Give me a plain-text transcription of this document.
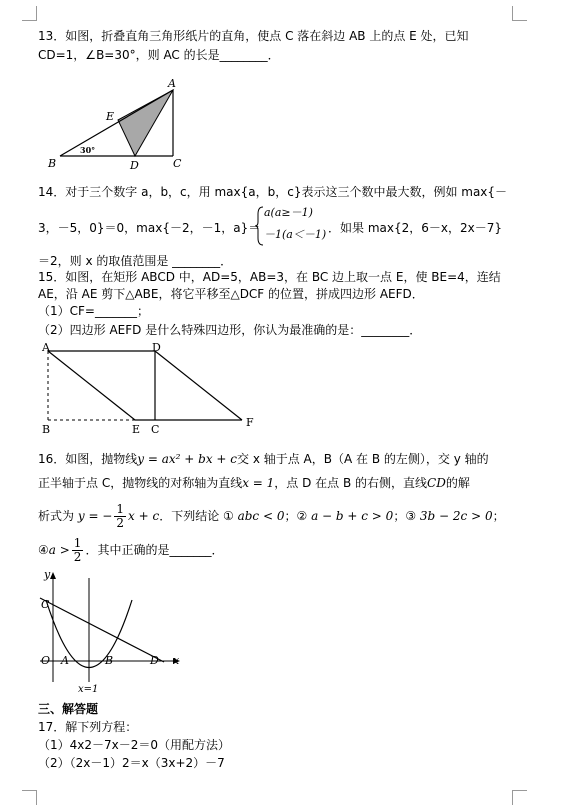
13．如图，折叠直角三角形纸片的直角，使点 C 落在斜边 AB 上的点 E 处，已知
CD=1，∠B=30°，则 AC 的长是________．
A
E
B	D	C
30°
14．对于三个数字 a，b，c，用 max{a，b，c}表示这三个数中最大数，例如 max{－
3，－5，0}＝0，max{－2，－1，a}＝
a(a≥－1)
－1(a＜－1) ．如果 max{2，6－x，2x－7}
＝2，则 x 的取值范围是 ________．
15．如图，在矩形 ABCD 中，AD=5，AB=3，在 BC 边上取一点 E，使 BE=4，连结
AE，沿 AE 剪下△ABE，将它平移至△DCF 的位置，拼成四边形 AEFD．
（1）CF=_______；
（2）四边形 AEFD 是什么特殊四边形，你认为最准确的是：________．
A	D
B	E C
F
16．如图，抛物线y = ax² + bx + c交 x 轴于点 A，B（A 在 B 的左侧），交 y 轴的
正半轴于点 C，抛物线的对称轴为直线x = 1，点 D 在点 B 的右侧，直线CD的解
析式为 y = − $\frac{1}{2}$ x + c．下列结论 ① abc < 0；② a − b + c > 0；③ 3b − 2c > 0；
④a > $\frac{1}{2}$ ．其中正确的是_______．
y
C
O A	B	D x
x=1
三、解答题
17．解下列方程：
（1）4x2－7x－2＝0（用配方法）
（2）（2x－1）2＝x（3x+2）－7
